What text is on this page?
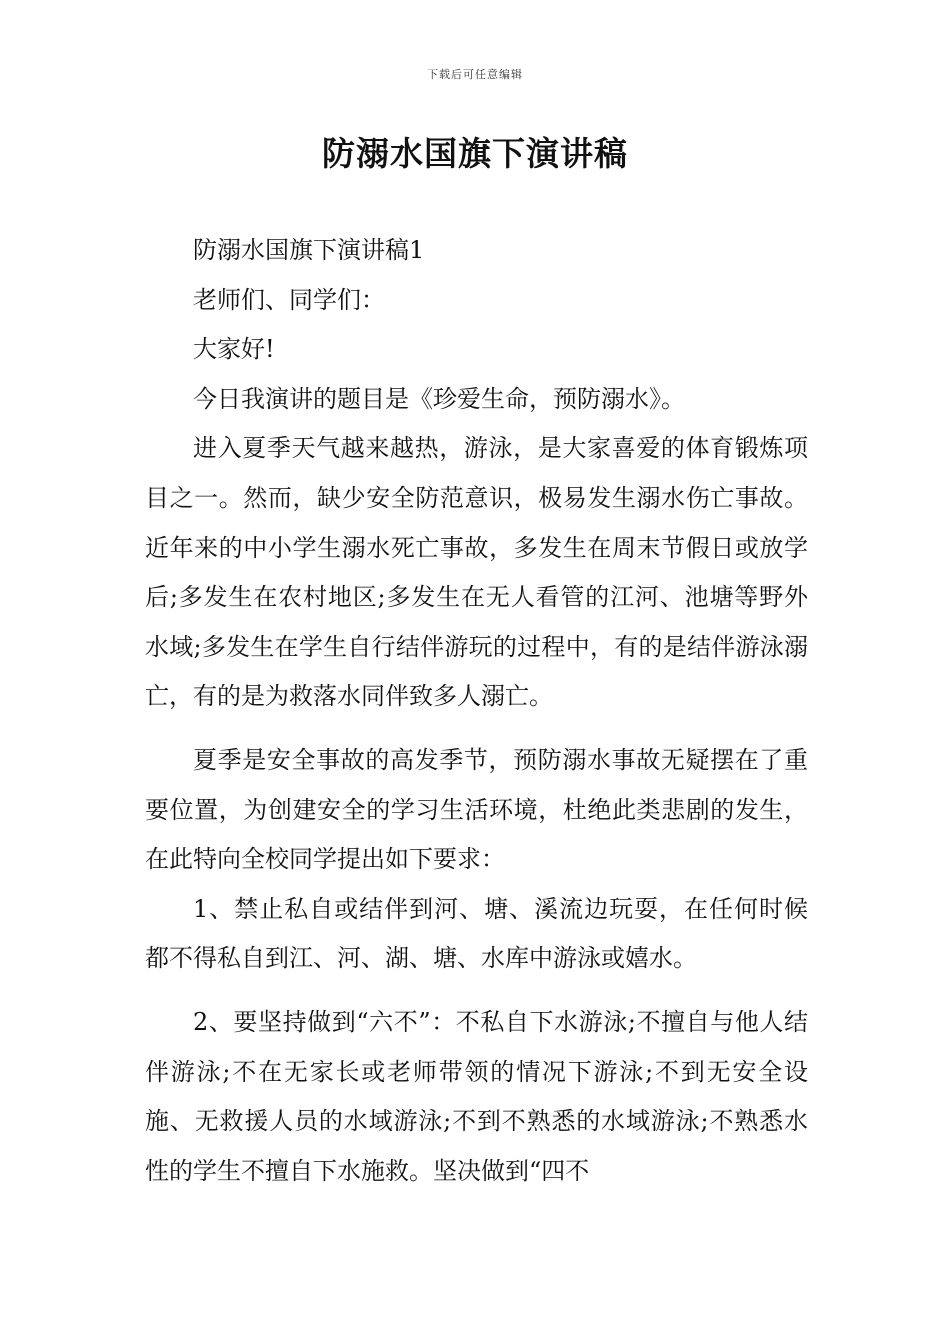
下载后可任意编辑
防溺水国旗下演讲稿

防溺水国旗下演讲稿1

老师们、同学们：

大家好!

今日我演讲的题目是《珍爱生命，预防溺水》。

进入夏季天气越来越热，游泳，是大家喜爱的体育锻炼项目之一。然而，缺少安全防范意识，极易发生溺水伤亡事故。近年来的中小学生溺水死亡事故，多发生在周末节假日或放学后;多发生在农村地区;多发生在无人看管的江河、池塘等野外水域;多发生在学生自行结伴游玩的过程中，有的是结伴游泳溺亡，有的是为救落水同伴致多人溺亡。

夏季是安全事故的高发季节，预防溺水事故无疑摆在了重要位置，为创建安全的学习生活环境，杜绝此类悲剧的发生，在此特向全校同学提出如下要求：

1、禁止私自或结伴到河、塘、溪流边玩耍，在任何时候都不得私自到江、河、湖、塘、水库中游泳或嬉水。

2、要坚持做到“六不”：不私自下水游泳;不擅自与他人结伴游泳;不在无家长或老师带领的情况下游泳;不到无安全设施、无救援人员的水域游泳;不到不熟悉的水域游泳;不熟悉水性的学生不擅自下水施救。坚决做到“四不
